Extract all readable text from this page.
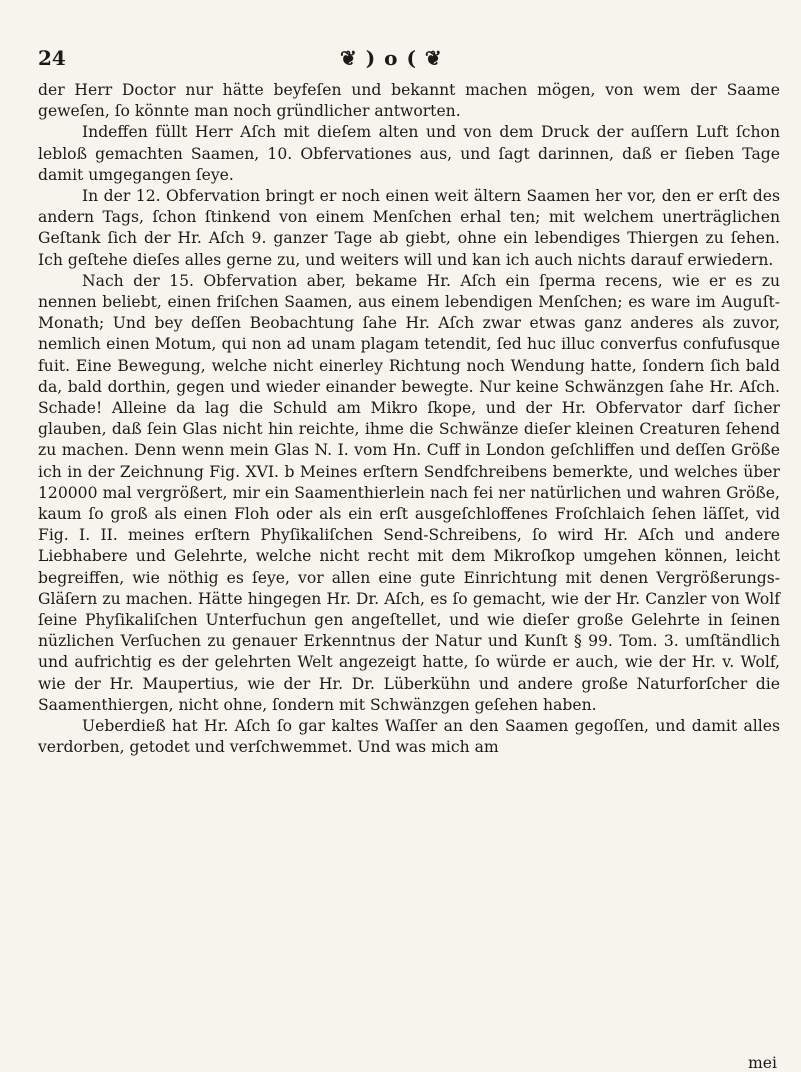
24	❦ ) o ( ❦

der Herr Doctor nur hätte beyfeſen und bekannt machen mögen, von wem der Saame geweſen, ſo könnte man noch gründlicher antworten.

Indeffen füllt Herr Aſch mit dieſem alten und von dem Druck der auſſern Luft ſchon lebloß gemachten Saamen, 10. Obfervationes aus, und ſagt darinnen, daß er ſieben Tage damit umgegangen ſeye.

In der 12. Obfervation bringt er noch einen weit ältern Saamen her vor, den er erſt des andern Tags, ſchon ſtinkend von einem Menſchen erhal ten; mit welchem unerträglichen Geſtank ſich der Hr. Aſch 9. ganzer Tage ab giebt, ohne ein lebendiges Thiergen zu ſehen. Ich geſtehe dieſes alles gerne zu, und weiters will und kan ich auch nichts darauf erwiedern.

Nach der 15. Obfervation aber, bekame Hr. Aſch ein ſperma recens, wie er es zu nennen beliebt, einen friſchen Saamen, aus einem lebendigen Menſchen; es ware im Auguſt-Monath; Und bey deſſen Beobachtung ſahe Hr. Aſch zwar etwas ganz anderes als zuvor, nemlich einen Motum, qui non ad unam plagam tetendit, ſed huc illuc converfus confufusque fuit. Eine Bewegung, welche nicht einerley Richtung noch Wendung hatte, ſondern ſich bald da, bald dorthin, gegen und wieder einander bewegte. Nur keine Schwänzgen ſahe Hr. Aſch. Schade! Alleine da lag die Schuld am Mikro ſkope, und der Hr. Obfervator darf ſicher glauben, daß ſein Glas nicht hin reichte, ihme die Schwänze dieſer kleinen Creaturen ſehend zu machen. Denn wenn mein Glas N. I. vom Hn. Cuff in London geſchliffen und deſſen Größe ich in der Zeichnung Fig. XVI. b Meines erſtern Sendfchreibens bemerkte, und welches über 120000 mal vergrößert, mir ein Saamenthierlein nach fei ner natürlichen und wahren Größe, kaum ſo groß als einen Floh oder als ein erſt ausgeſchloffenes Froſchlaich ſehen läſſet, vid Fig. I. II. meines erſtern Phyſikaliſchen Send-Schreibens, ſo wird Hr. Aſch und andere Liebhabere und Gelehrte, welche nicht recht mit dem Mikroſkop umgehen können, leicht begreiffen, wie nöthig es ſeye, vor allen eine gute Einrichtung mit denen Vergrößerungs-Gläſern zu machen. Hätte hingegen Hr. Dr. Aſch, es ſo gemacht, wie der Hr. Canzler von Wolf ſeine Phyſikaliſchen Unterfuchun gen angeſtellet, und wie dieſer große Gelehrte in ſeinen nüzlichen Verſuchen zu genauer Erkenntnus der Natur und Kunſt § 99. Tom. 3. umſtändlich und aufrichtig es der gelehrten Welt angezeigt hatte, ſo würde er auch, wie der Hr. v. Wolf, wie der Hr. Maupertius, wie der Hr. Dr. Lüberkühn und andere große Naturforſcher die Saamenthiergen, nicht ohne, ſondern mit Schwänzgen geſehen haben.

Ueberdieß hat Hr. Aſch ſo gar kaltes Waſſer an den Saamen gegoſſen, und damit alles verdorben, getodet und verſchwemmet. Und was mich am

mei
